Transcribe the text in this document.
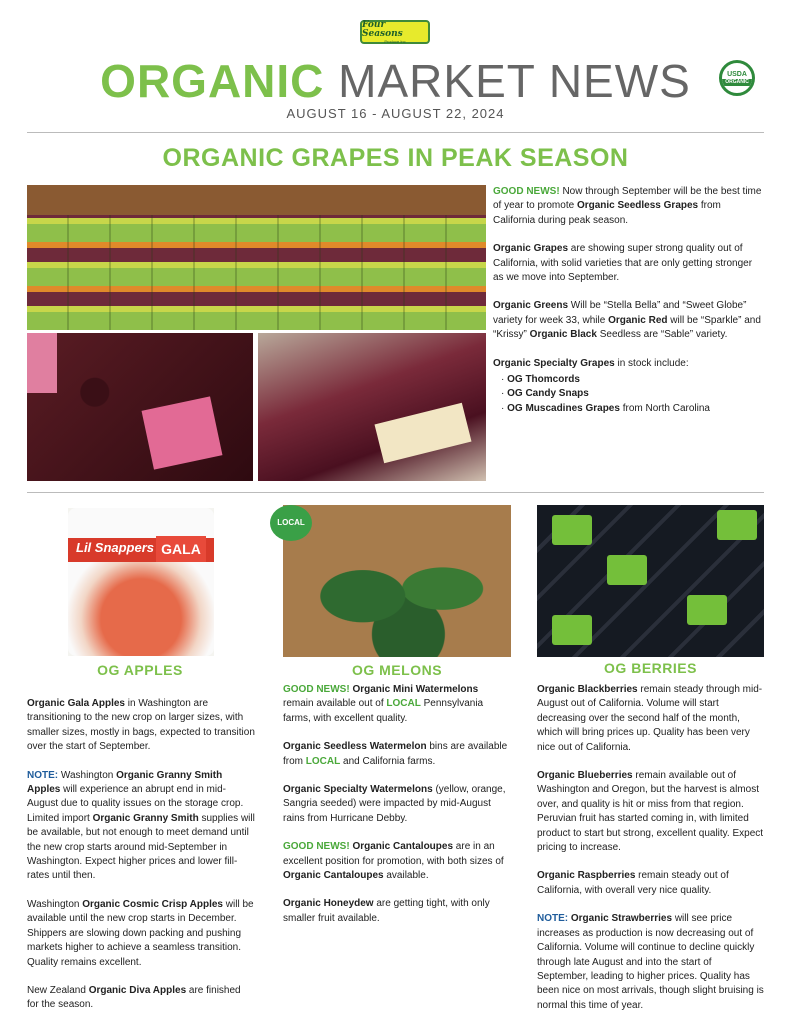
Four Seasons
Produce Inc
ORGANIC MARKET NEWS	USDA
ORGANIC
AUGUST 16 - AUGUST 22, 2024
ORGANIC GRAPES IN PEAK SEASON

GOOD NEWS! Now through September will be the best time of year to promote Organic Seedless Grapes from California during peak season.

Organic Grapes are showing super strong quality out of California, with solid varieties that are only getting stronger as we move into September.

Organic Greens Will be “Stella Bella” and “Sweet Globe” variety for week 33, while Organic Red will be “Sparkle” and “Krissy” Organic Black Seedless are “Sable” variety.

Organic Specialty Grapes in stock include:

· OG Thomcords
· OG Candy Snaps
· OG Muscadines Grapes from North Carolina
Lil Snappers GALA
LOCAL
OG APPLES	OG MELONS	OG BERRIES

Organic Gala Apples in Washington are transitioning to the new crop on larger sizes, with smaller sizes, mostly in bags, expected to transition over the start of September.

NOTE: Washington Organic Granny Smith Apples will experience an abrupt end in mid-August due to quality issues on the storage crop. Limited import Organic Granny Smith supplies will be available, but not enough to meet demand until the new crop starts around mid-September in Washington. Expect higher prices and lower fill-rates until then.

Washington Organic Cosmic Crisp Apples will be available until the new crop starts in December. Shippers are slowing down packing and pushing markets higher to achieve a seamless transition. Quality remains excellent.

New Zealand Organic Diva Apples are finished for the season.

GOOD NEWS! Organic Mini Watermelons remain available out of LOCAL Pennsylvania farms, with excellent quality.

Organic Seedless Watermelon bins are available from LOCAL and California farms.

Organic Specialty Watermelons (yellow, orange, Sangria seeded) were impacted by mid-August rains from Hurricane Debby.

GOOD NEWS! Organic Cantaloupes are in an excellent position for promotion, with both sizes of Organic Cantaloupes available.

Organic Honeydew are getting tight, with only smaller fruit available.

Organic Blackberries remain steady through mid-August out of California. Volume will start decreasing over the second half of the month, which will bring prices up. Quality has been very nice out of California.

Organic Blueberries remain available out of Washington and Oregon, but the harvest is almost over, and quality is hit or miss from that region. Peruvian fruit has started coming in, with limited product to start but strong, excellent quality. Expect pricing to increase.

Organic Raspberries remain steady out of California, with overall very nice quality.

NOTE: Organic Strawberries will see price increases as production is now decreasing out of California. Volume will continue to decline quickly through late August and into the start of September, leading to higher prices. Quality has been nice on most arrivals, though slight bruising is normal this time of year.
